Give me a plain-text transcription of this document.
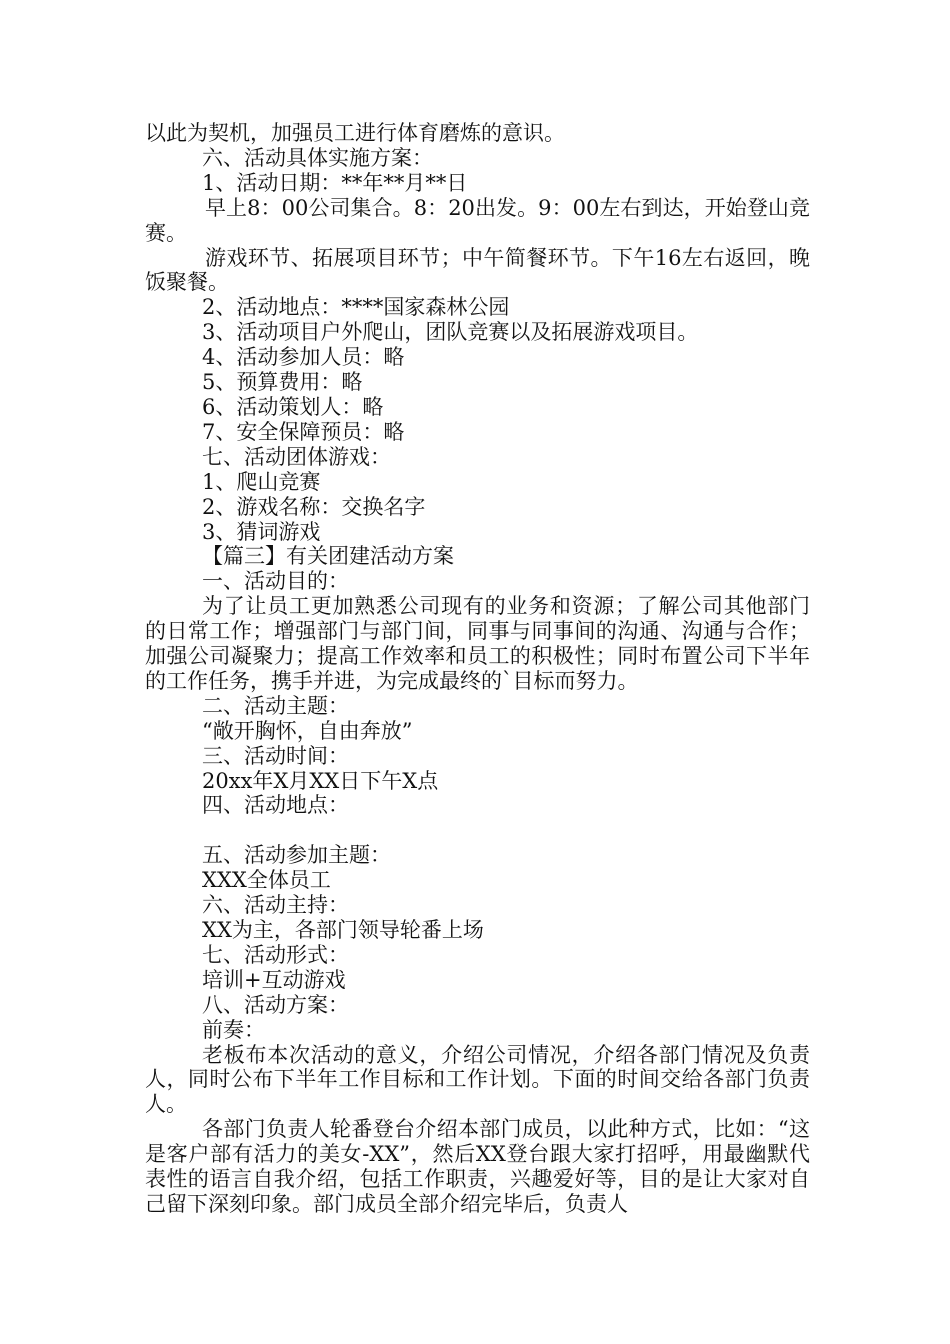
以此为契机，加强员工进行体育磨炼的意识。

六、活动具体实施方案：

1、活动日期：**年**月**日

早上8：00公司集合。8：20出发。9：00左右到达，开始登山竞赛。

游戏环节、拓展项目环节；中午简餐环节。下午16左右返回，晚饭聚餐。

2、活动地点：****国家森林公园

3、活动项目户外爬山，团队竞赛以及拓展游戏项目。

4、活动参加人员：略

5、预算费用：略

6、活动策划人：略

7、安全保障预员：略

七、活动团体游戏：

1、爬山竞赛

2、游戏名称：交换名字

3、猜词游戏

【篇三】有关团建活动方案

一、活动目的：

为了让员工更加熟悉公司现有的业务和资源；了解公司其他部门的日常工作；增强部门与部门间，同事与同事间的沟通、沟通与合作；加强公司凝聚力；提高工作效率和员工的积极性；同时布置公司下半年的工作任务，携手并进，为完成最终的`目标而努力。

二、活动主题：

“敞开胸怀，自由奔放”

三、活动时间：

20xx年X月XX日下午X点

四、活动地点：

五、活动参加主题：

XXX全体员工

六、活动主持：

XX为主，各部门领导轮番上场

七、活动形式：

培训+互动游戏

八、活动方案：

前奏：

老板布本次活动的意义，介绍公司情况，介绍各部门情况及负责人，同时公布下半年工作目标和工作计划。下面的时间交给各部门负责人。

各部门负责人轮番登台介绍本部门成员，以此种方式，比如：“这是客户部有活力的美女-XX”，然后XX登台跟大家打招呼，用最幽默代表性的语言自我介绍，包括工作职责，兴趣爱好等，目的是让大家对自己留下深刻印象。部门成员全部介绍完毕后，负责人
